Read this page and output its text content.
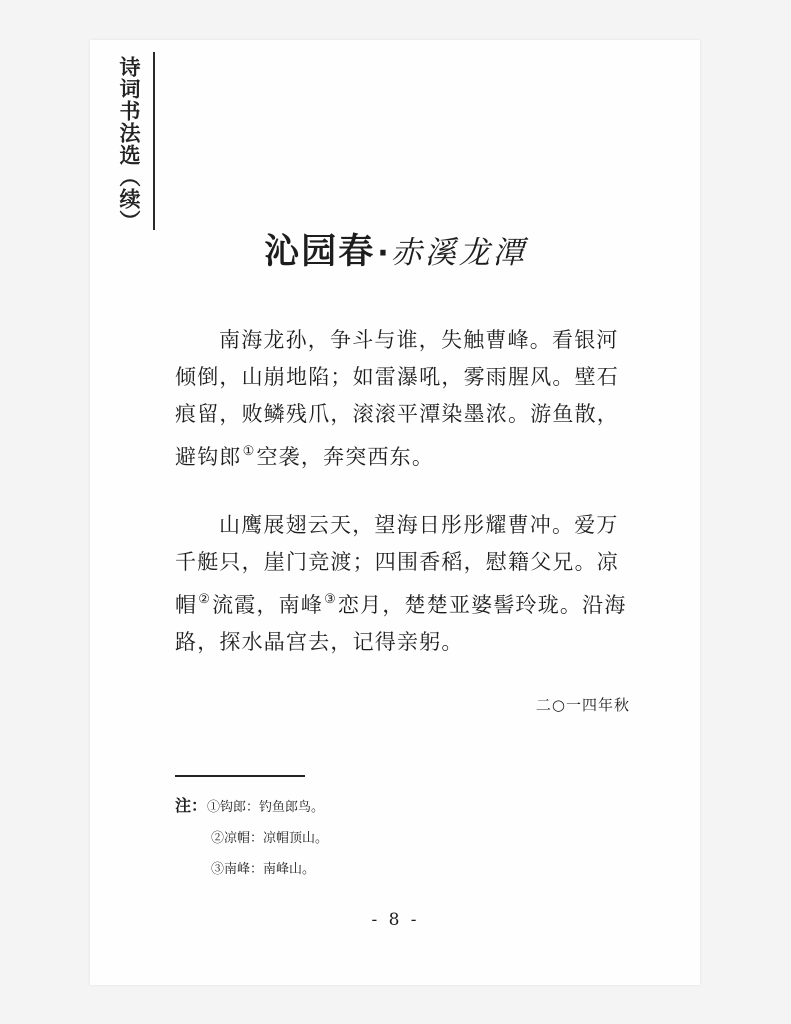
诗词书法选（续）
沁园春·赤溪龙潭
南海龙孙，争斗与谁，失触曹峰。看银河
倾倒，山崩地陷；如雷瀑吼，雾雨腥风。壁石
痕留，败鳞残爪，滚滚平潭染墨浓。游鱼散，
避钩郎①空袭，奔突西东。
山鹰展翅云天，望海日彤彤耀曹冲。爱万
千艇只，崖门竞渡；四围香稻，慰籍父兄。凉
帽②流霞，南峰③恋月，楚楚亚婆髻玲珑。沿海
路，探水晶宫去，记得亲躬。
二○一四年秋
注：①钩郎：钓鱼郎鸟。
②凉帽：凉帽顶山。
③南峰：南峰山。
- 8 -
